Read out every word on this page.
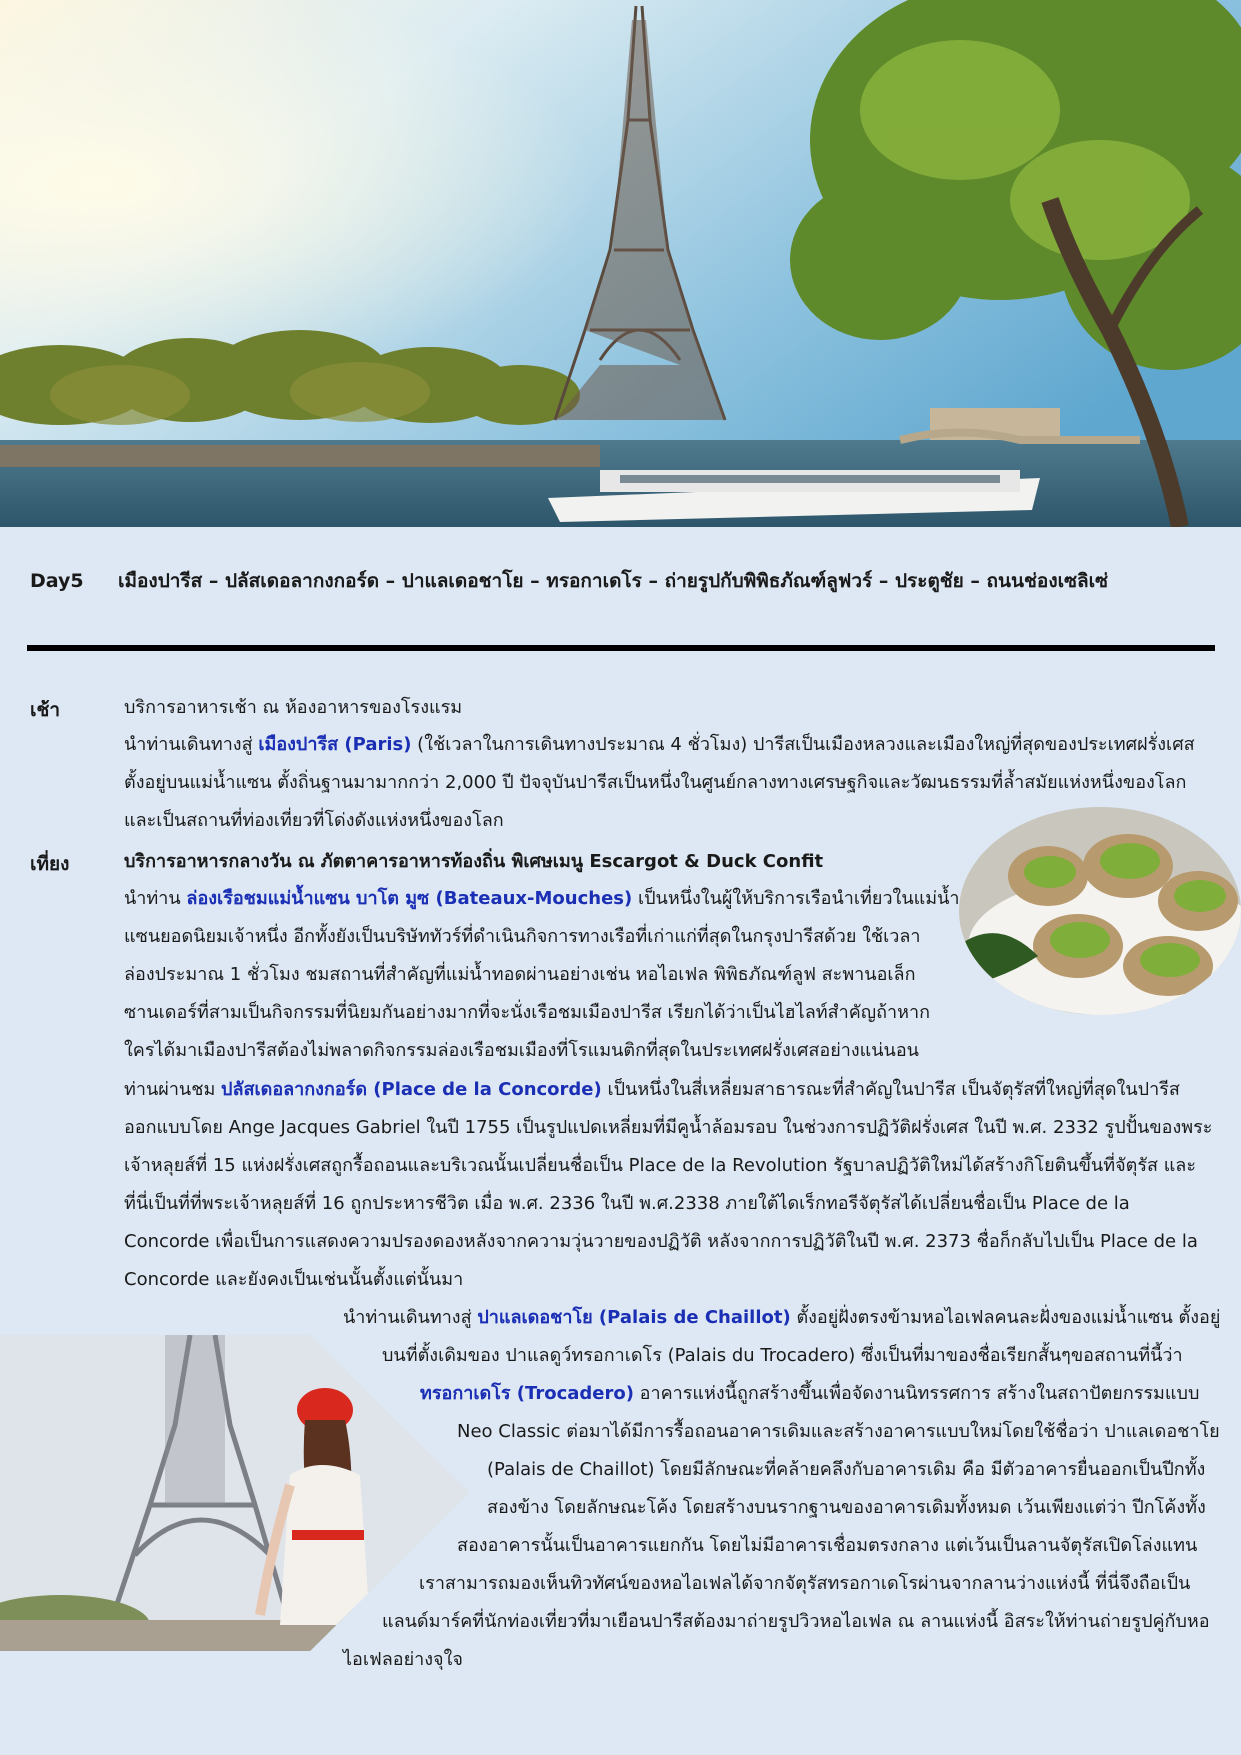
Day5 เมืองปารีส – ปลัสเดอลากงกอร์ด – ปาแลเดอชาโย – ทรอกาเดโร – ถ่ายรูปกับพิพิธภัณฑ์ลูฟวร์ – ประตูชัย – ถนนช่องเซลิเซ่
เช้า	บริการอาหารเช้า ณ ห้องอาหารของโรงแรม
นำท่านเดินทางสู่ เมืองปารีส (Paris) (ใช้เวลาในการเดินทางประมาณ 4 ชั่วโมง) ปารีสเป็นเมืองหลวงและเมืองใหญ่ที่สุดของประเทศฝรั่งเศส
ตั้งอยู่บนแม่น้ำแซน ตั้งถิ่นฐานมามากกว่า 2,000 ปี ปัจจุบันปารีสเป็นหนึ่งในศูนย์กลางทางเศรษฐกิจและวัฒนธรรมที่ล้ำสมัยแห่งหนึ่งของโลก
และเป็นสถานที่ท่องเที่ยวที่โด่งดังแห่งหนึ่งของโลก
เที่ยง	บริการอาหารกลางวัน ณ ภัตตาคารอาหารท้องถิ่น พิเศษเมนู Escargot & Duck Confit
นำท่าน ล่องเรือชมแม่น้ำแซน บาโต มูซ (Bateaux-Mouches) เป็นหนึ่งในผู้ให้บริการเรือนำเที่ยวในแม่น้ำ
แซนยอดนิยมเจ้าหนึ่ง อีกทั้งยังเป็นบริษัททัวร์ที่ดำเนินกิจการทางเรือที่เก่าแก่ที่สุดในกรุงปารีสด้วย ใช้เวลา
ล่องประมาณ 1 ชั่วโมง ชมสถานที่สำคัญที่แม่น้ำทอดผ่านอย่างเช่น หอไอเฟล พิพิธภัณฑ์ลูฟ สะพานอเล็ก
ซานเดอร์ที่สามเป็นกิจกรรมที่นิยมกันอย่างมากที่จะนั่งเรือชมเมืองปารีส เรียกได้ว่าเป็นไฮไลท์สำคัญถ้าหาก
ใครได้มาเมืองปารีสต้องไม่พลาดกิจกรรมล่องเรือชมเมืองที่โรแมนติกที่สุดในประเทศฝรั่งเศสอย่างแน่นอน
ท่านผ่านชม ปลัสเดอลากงกอร์ด (Place de la Concorde) เป็นหนึ่งในสี่เหลี่ยมสาธารณะที่สำคัญในปารีส เป็นจัตุรัสที่ใหญ่ที่สุดในปารีส
ออกแบบโดย Ange Jacques Gabriel ในปี 1755 เป็นรูปแปดเหลี่ยมที่มีคูน้ำล้อมรอบ ในช่วงการปฏิวัติฝรั่งเศส ในปี พ.ศ. 2332 รูปปั้นของพระ
เจ้าหลุยส์ที่ 15 แห่งฝรั่งเศสถูกรื้อถอนและบริเวณนั้นเปลี่ยนชื่อเป็น Place de la Revolution รัฐบาลปฏิวัติใหม่ได้สร้างกิโยตินขึ้นที่จัตุรัส และ
ที่นี่เป็นที่ที่พระเจ้าหลุยส์ที่ 16 ถูกประหารชีวิต เมื่อ พ.ศ. 2336 ในปี พ.ศ.2338 ภายใต้ไดเร็กทอรีจัตุรัสได้เปลี่ยนชื่อเป็น Place de la
Concorde เพื่อเป็นการแสดงความปรองดองหลังจากความวุ่นวายของปฏิวัติ หลังจากการปฏิวัติในปี พ.ศ. 2373 ชื่อก็กลับไปเป็น Place de la
Concorde และยังคงเป็นเช่นนั้นตั้งแต่นั้นมา
นำท่านเดินทางสู่ ปาแลเดอชาโย (Palais de Chaillot) ตั้งอยู่ฝั่งตรงข้ามหอไอเฟลคนละฝั่งของแม่น้ำแซน ตั้งอยู่
บนที่ตั้งเดิมของ ปาแลดูว์ทรอกาเดโร (Palais du Trocadero) ซึ่งเป็นที่มาของชื่อเรียกสั้นๆขอสถานที่นี้ว่า
ทรอกาเดโร (Trocadero) อาคารแห่งนี้ถูกสร้างขึ้นเพื่อจัดงานนิทรรศการ สร้างในสถาปัตยกรรมแบบ
Neo Classic ต่อมาได้มีการรื้อถอนอาคารเดิมและสร้างอาคารแบบใหม่โดยใช้ชื่อว่า ปาแลเดอชาโย
(Palais de Chaillot) โดยมีลักษณะที่คล้ายคลึงกับอาคารเดิม คือ มีตัวอาคารยื่นออกเป็นปีกทั้ง
สองข้าง โดยลักษณะโค้ง โดยสร้างบนรากฐานของอาคารเดิมทั้งหมด เว้นเพียงแต่ว่า ปีกโค้งทั้ง
สองอาคารนั้นเป็นอาคารแยกกัน โดยไม่มีอาคารเชื่อมตรงกลาง แต่เว้นเป็นลานจัตุรัสเปิดโล่งแทน
เราสามารถมองเห็นทิวทัศน์ของหอไอเฟลได้จากจัตุรัสทรอกาเดโรผ่านจากลานว่างแห่งนี้ ที่นี่จึงถือเป็น
แลนด์มาร์คที่นักท่องเที่ยวที่มาเยือนปารีสต้องมาถ่ายรูปวิวหอไอเฟล ณ ลานแห่งนี้ อิสระให้ท่านถ่ายรูปคู่กับหอ
ไอเฟลอย่างจุใจ
